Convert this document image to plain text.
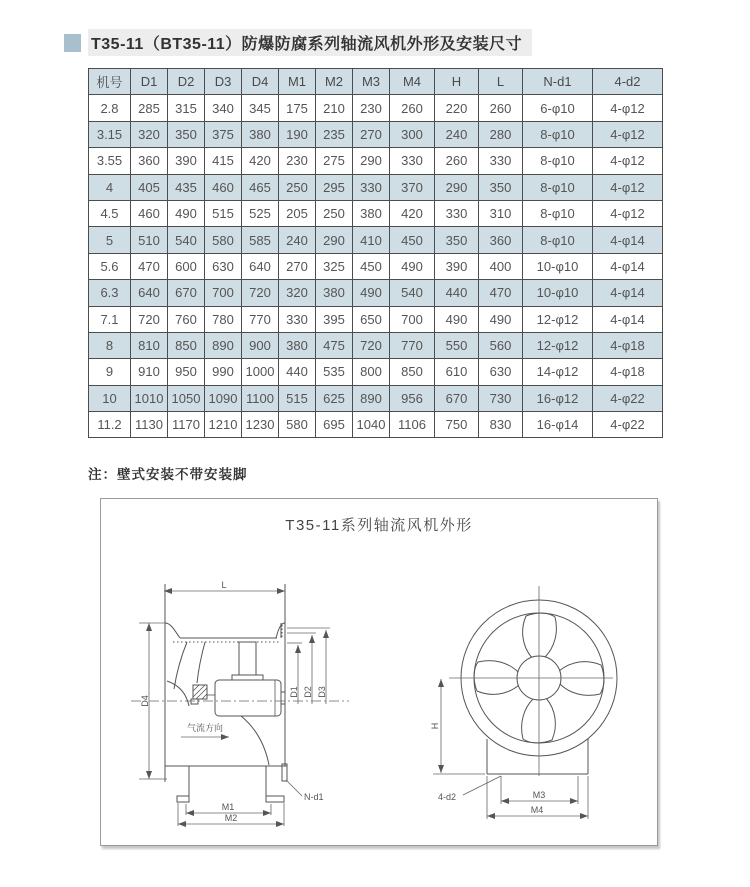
T35-11（BT35-11）防爆防腐系列轴流风机外形及安装尺寸
机号	D1	D2	D3	D4	M1	M2	M3	M4	H	L	N-d1	4-d2
2.8	285	315	340	345	175	210	230	260	220	260	6-φ10	4-φ12
3.15	320	350	375	380	190	235	270	300	240	280	8-φ10	4-φ12
3.55	360	390	415	420	230	275	290	330	260	330	8-φ10	4-φ12
4	405	435	460	465	250	295	330	370	290	350	8-φ10	4-φ12
4.5	460	490	515	525	205	250	380	420	330	310	8-φ10	4-φ12
5	510	540	580	585	240	290	410	450	350	360	8-φ10	4-φ14
5.6	470	600	630	640	270	325	450	490	390	400	10-φ10	4-φ14
6.3	640	670	700	720	320	380	490	540	440	470	10-φ10	4-φ14
7.1	720	760	780	770	330	395	650	700	490	490	12-φ12	4-φ14
8	810	850	890	900	380	475	720	770	550	560	12-φ12	4-φ18
9	910	950	990	1000	440	535	800	850	610	630	14-φ12	4-φ18
10	1010	1050	1090	1100	515	625	890	956	670	730	16-φ12	4-φ22
11.2	1130	1170	1210	1230	580	695	1040	1106	750	830	16-φ14	4-φ22
注：壁式安装不带安装脚
T35-11系列轴流风机外形
L
D4
D1 D2 D3
气流方向
M1
M2
N-d1
H
M3
M4
4-d2
